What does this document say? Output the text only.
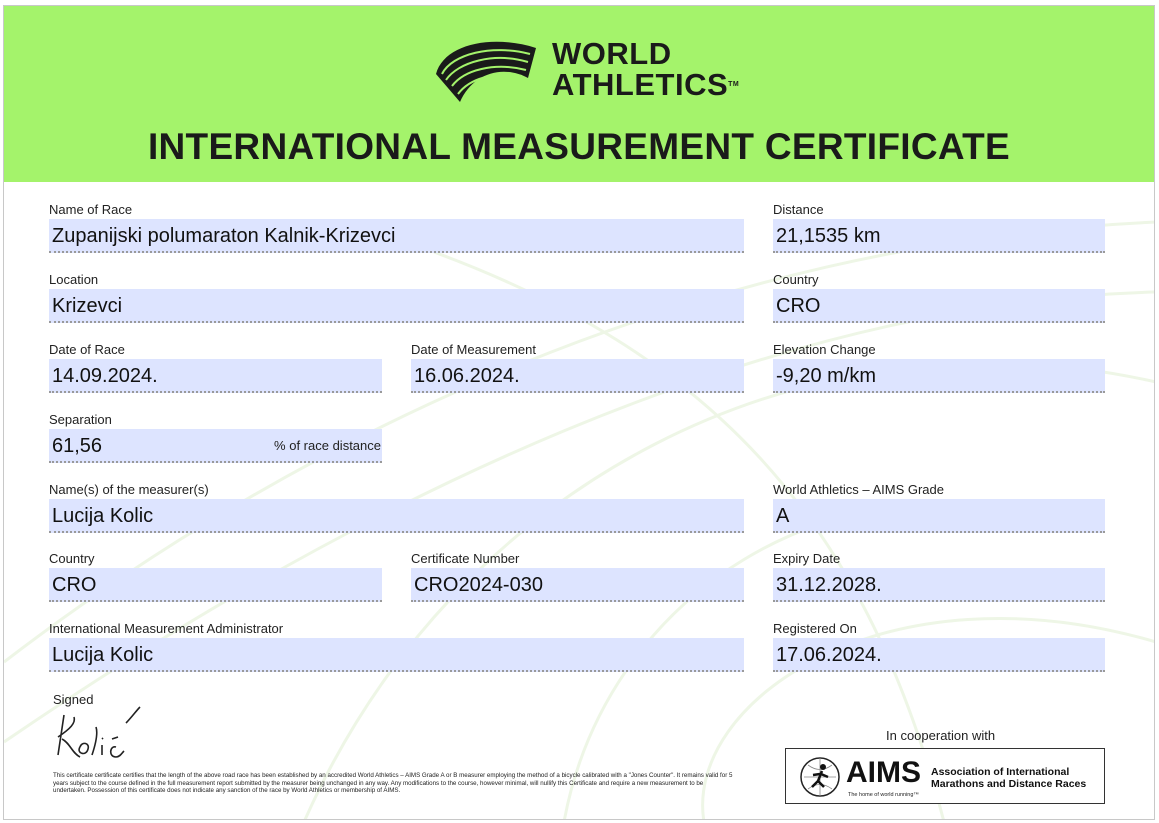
WORLD
ATHLETICSTM
INTERNATIONAL MEASUREMENT CERTIFICATE
Name of Race
Zupanijski polumaraton Kalnik-Krizevci
Distance
21,1535 km
Location
Krizevci
Country
CRO
Date of Race
14.09.2024.
Date of Measurement
16.06.2024.
Elevation Change
-9,20 m/km
Separation
61,56	% of race distance
Name(s) of the measurer(s)
Lucija Kolic
World Athletics – AIMS Grade
A
Country
CRO
Certificate Number
CRO2024-030
Expiry Date
31.12.2028.
International Measurement Administrator
Lucija Kolic
Registered On
17.06.2024.
Signed
This certificate certificate certifies that the length of the above road race has been established by an accredited World Athletics – AIMS Grade A or B measurer employing the method of a bicycle calibrated with a "Jones Counter". It remains valid for 5 years subject to the course defined in the full measurement report submitted by the measurer being unchanged in any way. Any modifications to the course, however minimal, will nullify this Certificate and require a new measurement to be undertaken. Possession of this certificate does not indicate any sanction of the race by World Athletics or membership of AIMS.
In cooperation with
AIMS
The home of world running™
Association of International
Marathons and Distance Races
